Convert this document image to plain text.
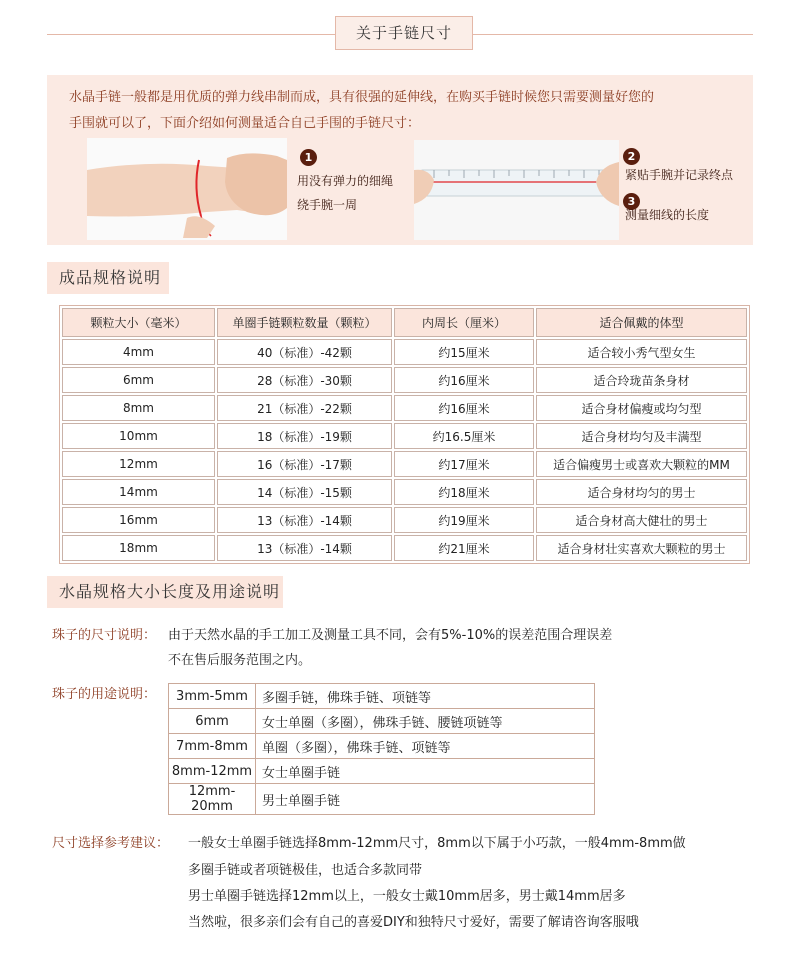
关于手链尺寸
水晶手链一般都是用优质的弹力线串制而成，具有很强的延伸线，在购买手链时候您只需要测量好您的
手围就可以了，下面介绍如何测量适合自己手围的手链尺寸：
1
用没有弹力的细绳
绕手腕一周
2
紧贴手腕并记录终点
3
测量细线的长度
成品规格说明
颗粒大小（毫米）	单圈手链颗粒数量（颗粒）	内周长（厘米）	适合佩戴的体型
4mm	40（标准）-42颗	约15厘米	适合较小秀气型女生
6mm	28（标准）-30颗	约16厘米	适合玲珑苗条身材
8mm	21（标准）-22颗	约16厘米	适合身材偏瘦或均匀型
10mm	18（标准）-19颗	约16.5厘米	适合身材均匀及丰满型
12mm	16（标准）-17颗	约17厘米	适合偏瘦男士或喜欢大颗粒的MM
14mm	14（标准）-15颗	约18厘米	适合身材均匀的男士
16mm	13（标准）-14颗	约19厘米	适合身材高大健壮的男士
18mm	13（标准）-14颗	约21厘米	适合身材壮实喜欢大颗粒的男士
水晶规格大小长度及用途说明
珠子的尺寸说明： 由于天然水晶的手工加工及测量工具不同，会有5%-10%的误差范围合理误差
不在售后服务范围之内。
珠子的用途说明： 3mm-5mm	多圈手链，佛珠手链、项链等
6mm	女士单圈（多圈），佛珠手链、腰链项链等
7mm-8mm	单圈（多圈），佛珠手链、项链等
8mm-12mm	女士单圈手链
12mm-20mm	男士单圈手链
尺寸选择参考建议： 一般女士单圈手链选择8mm-12mm尺寸，8mm以下属于小巧款，一般4mm-8mm做
多圈手链或者项链极佳，也适合多款同带
男士单圈手链选择12mm以上，一般女士戴10mm居多，男士戴14mm居多
当然啦，很多亲们会有自己的喜爱DIY和独特尺寸爱好，需要了解请咨询客服哦
